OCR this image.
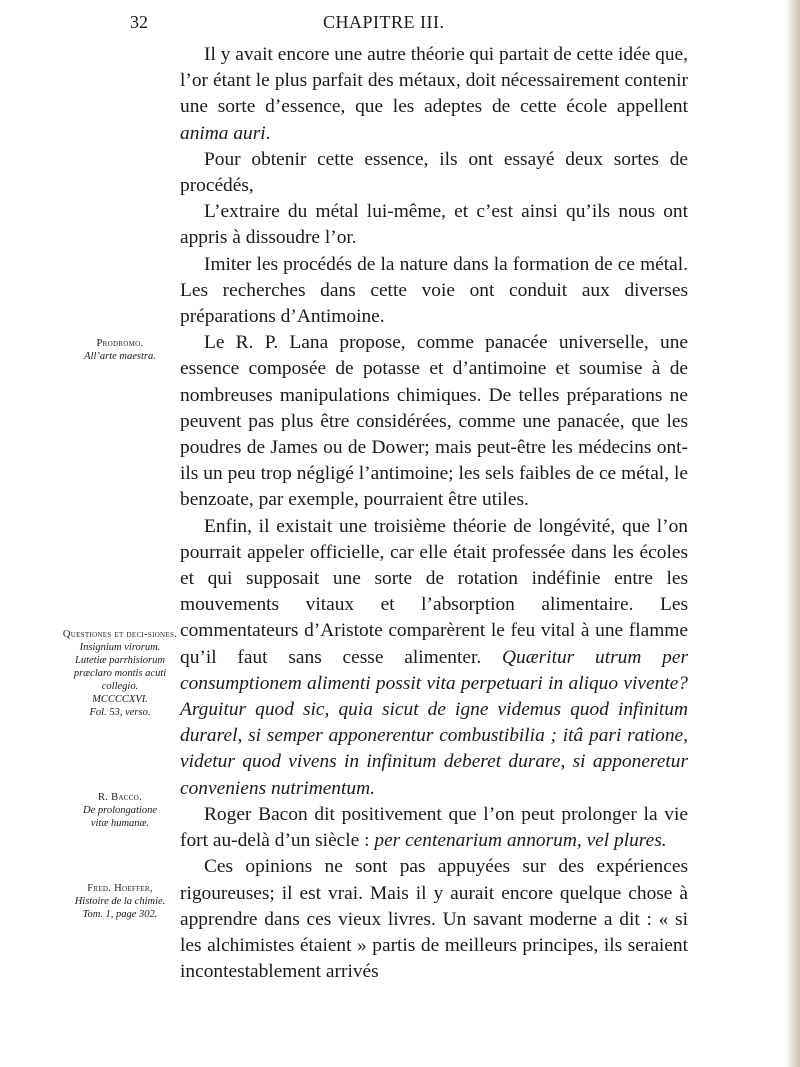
32	CHAPITRE III.

Il y avait encore une autre théorie qui partait de cette idée que, l’or étant le plus parfait des métaux, doit nécessairement contenir une sorte d’essence, que les adeptes de cette école appellent anima auri.

Pour obtenir cette essence, ils ont essayé deux sortes de procédés,

L’extraire du métal lui-même, et c’est ainsi qu’ils nous ont appris à dissoudre l’or.

Imiter les procédés de la nature dans la formation de ce métal. Les recherches dans cette voie ont conduit aux diverses préparations d’Antimoine.

Le R. P. Lana propose, comme panacée universelle, une essence composée de potasse et d’antimoine et soumise à de nombreuses manipulations chimiques. De telles préparations ne peuvent pas plus être considérées, comme une panacée, que les poudres de James ou de Dower; mais peut-être les médecins ont-ils un peu trop négligé l’antimoine; les sels faibles de ce métal, le benzoate, par exemple, pourraient être utiles.

Enfin, il existait une troisième théorie de longévité, que l’on pourrait appeler officielle, car elle était professée dans les écoles et qui supposait une sorte de rotation indéfinie entre les mouvements vitaux et l’absorption alimentaire. Les commentateurs d’Aristote comparèrent le feu vital à une flamme qu’il faut sans cesse alimenter. Quæritur utrum per consumptionem alimenti possit vita perpetuari in aliquo vivente? Arguitur quod sic, quia sicut de igne videmus quod infinitum durarel, si semper apponerentur combustibilia ; itâ pari ratione, videtur quod vivens in infinitum deberet durare, si apponeretur conveniens nutrimentum.

Roger Bacon dit positivement que l’on peut prolonger la vie fort au-delà d’un siècle : per centenarium annorum, vel plures.

Ces opinions ne sont pas appuyées sur des expériences rigoureuses; il est vrai. Mais il y aurait encore quelque chose à apprendre dans ces vieux livres. Un savant moderne a dit : « si les alchimistes étaient » partis de meilleurs principes, ils seraient incontestablement arrivés

Prodromo.
All’arte maestra.
Questiones et deci-siones.
Insignium virorum.
Lutetiæ parrhisiorum
præclaro montis acuti
collegio.
MCCCCXVI.
Fol. 53, verso.
R. Bacco.
De prolongatione
vitæ humanæ.
Fred. Hoeffer,
Histoire de la chimie.
Tom. 1, page 302.
